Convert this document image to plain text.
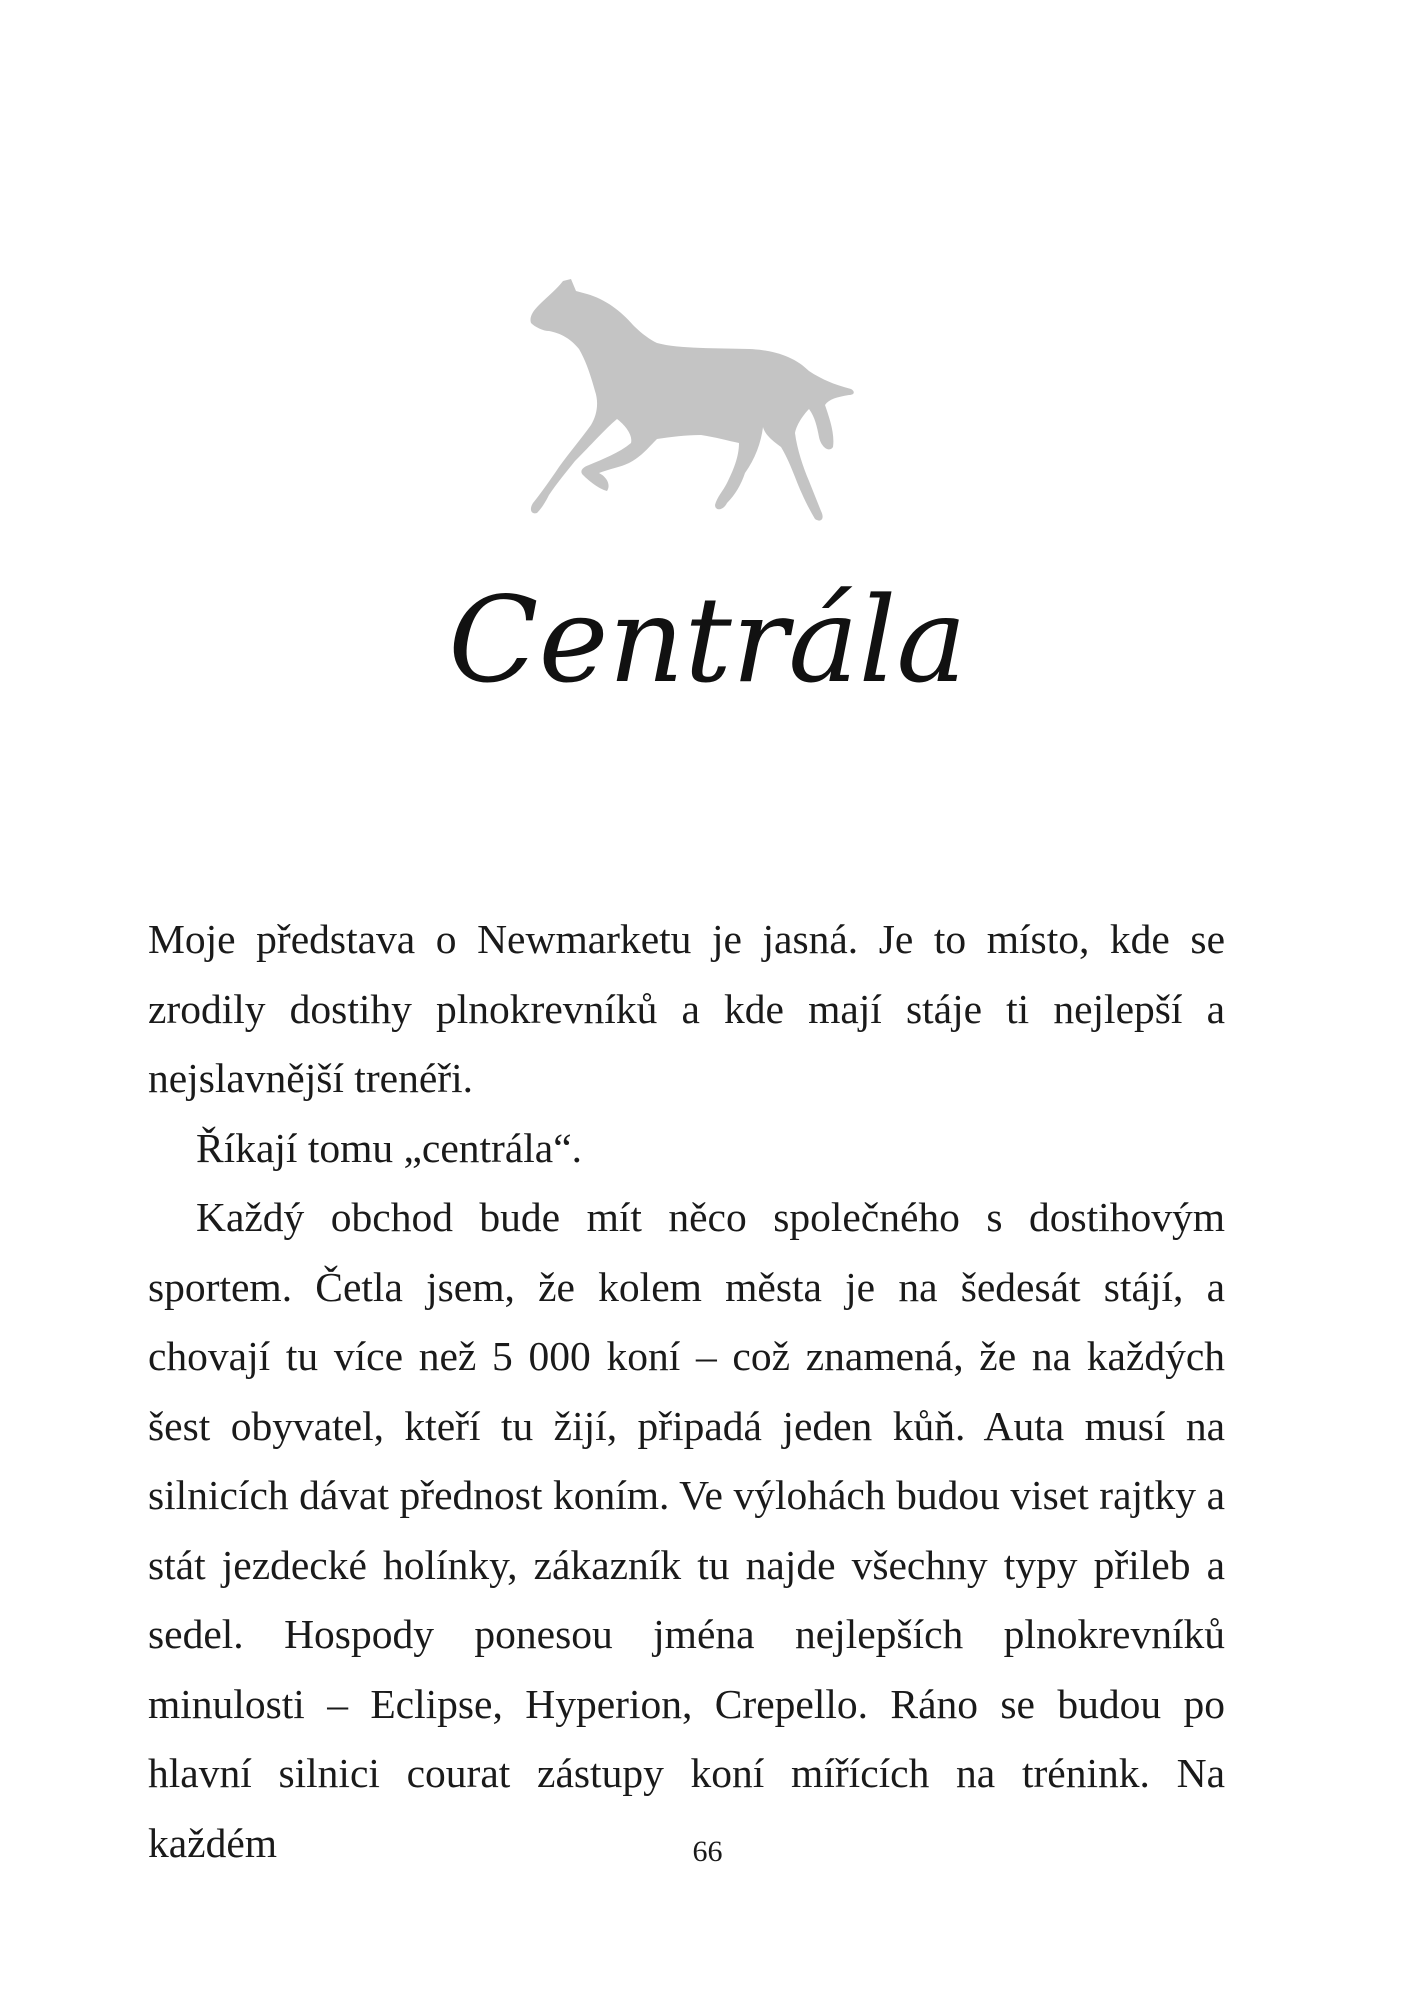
Centrála

Moje představa o Newmarketu je jasná. Je to místo, kde se zrodily dostihy plnokrevníků a kde mají stáje ti nejlepší a nejslavnější trenéři.

Říkají tomu „centrála“.

Každý obchod bude mít něco společného s dostihovým sportem. Četla jsem, že kolem města je na šedesát stájí, a chovají tu více než 5 000 koní – což znamená, že na každých šest obyvatel, kteří tu žijí, připadá jeden kůň. Auta musí na silnicích dávat přednost koním. Ve výlohách budou viset rajtky a stát jezdecké holínky, zákazník tu najde všechny typy přileb a sedel. Hospody ponesou jména nejlepších plnokrevníků minulosti – Eclipse, Hyperion, Crepello. Ráno se budou po hlavní silnici courat zástupy koní mířících na trénink. Na každém	66
